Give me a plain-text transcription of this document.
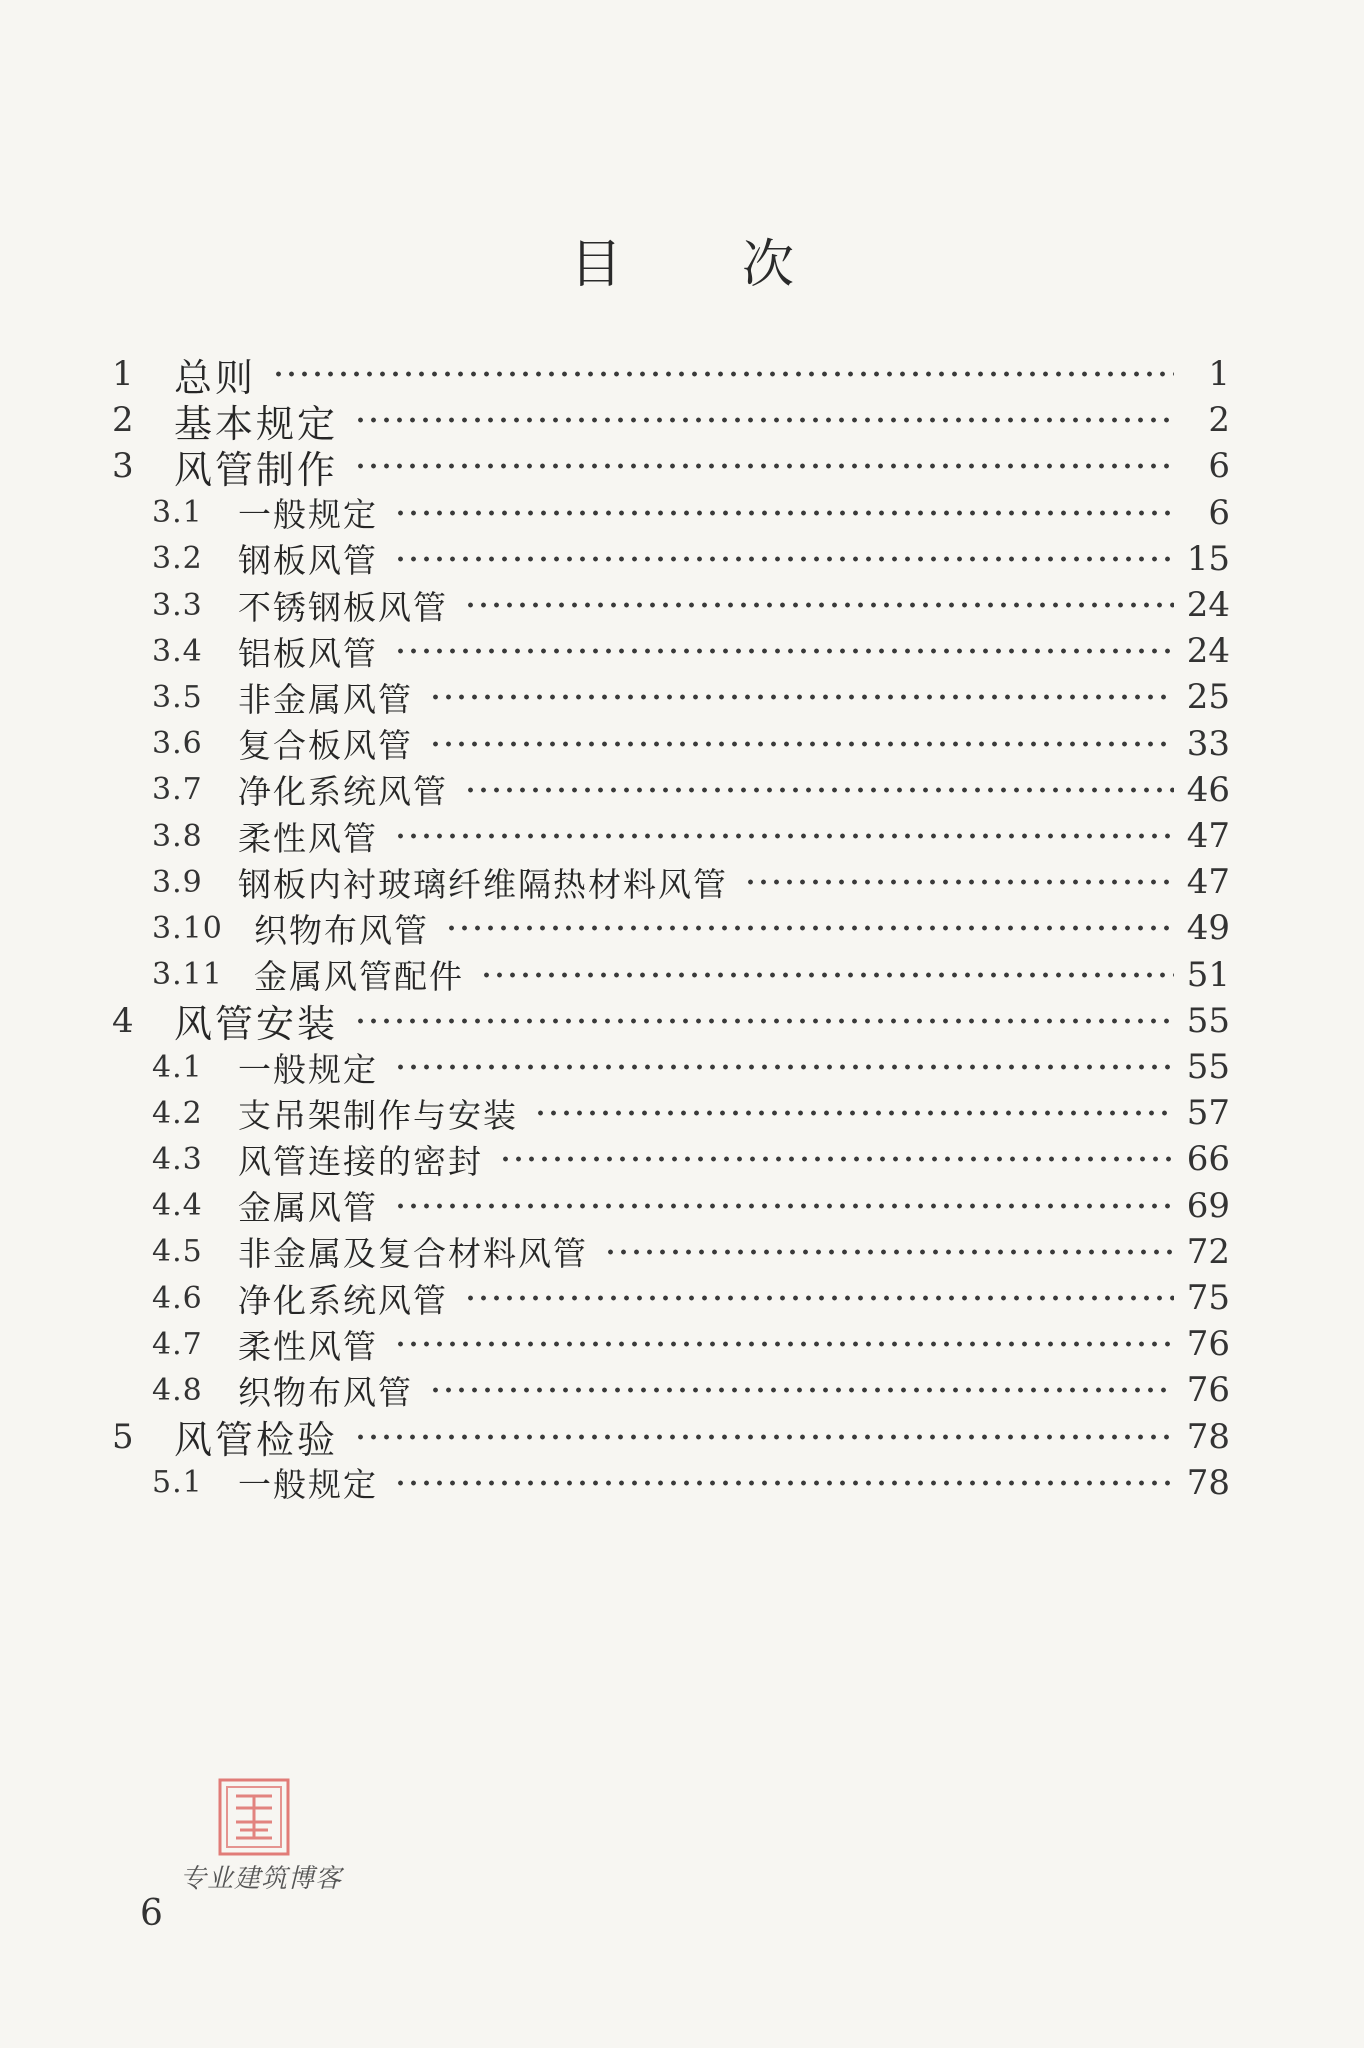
目 次
1	总则	1
2	基本规定	2
3	风管制作	6
3.1	一般规定	6
3.2	钢板风管	15
3.3	不锈钢板风管	24
3.4	铝板风管	24
3.5	非金属风管	25
3.6	复合板风管	33
3.7	净化系统风管	46
3.8	柔性风管	47
3.9	钢板内衬玻璃纤维隔热材料风管	47
3.10 织物布风管	49
3.11 金属风管配件	51
4	风管安装	55
4.1	一般规定	55
4.2	支吊架制作与安装	57
4.3	风管连接的密封	66
4.4	金属风管	69
4.5	非金属及复合材料风管	72
4.6	净化系统风管	75
4.7	柔性风管	76
4.8	织物布风管	76
5	风管检验	78
5.1	一般规定	78
专业建筑博客
6
